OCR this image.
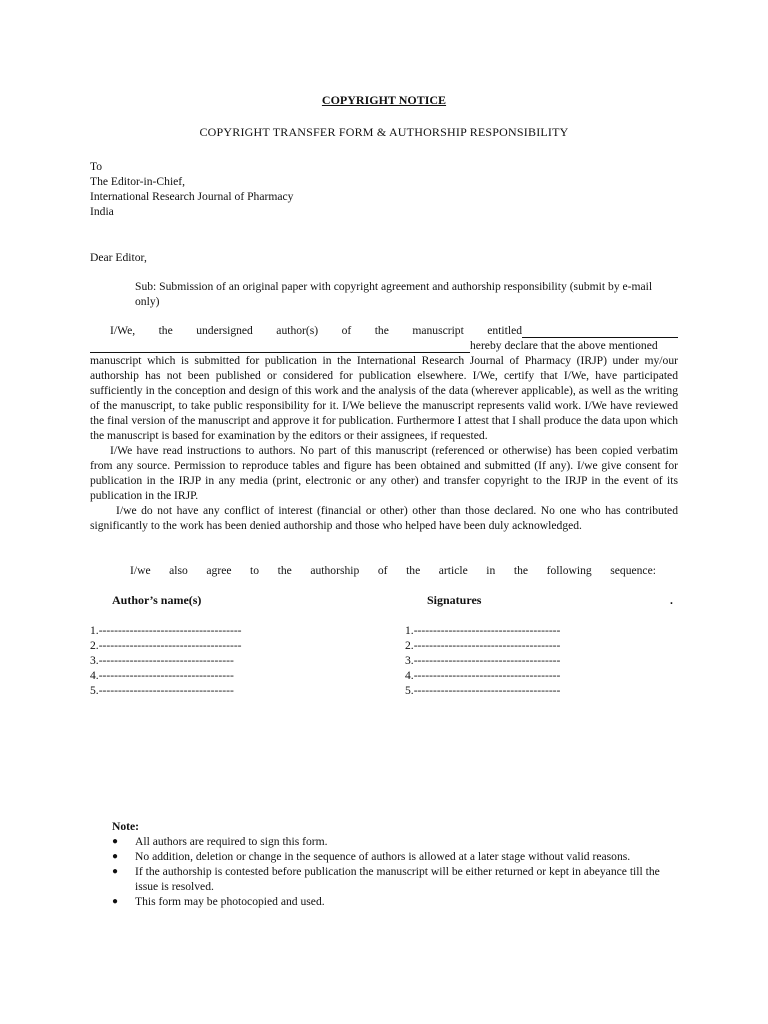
COPYRIGHT NOTICE
COPYRIGHT TRANSFER FORM & AUTHORSHIP RESPONSIBILITY
To
The Editor-in-Chief,
International Research Journal of Pharmacy
India
Dear Editor,
Sub: Submission of an original paper with copyright agreement and authorship responsibility (submit by e-mail only)
I/We, the undersigned author(s) of the manuscript entitled
hereby declare that the above mentioned

manuscript which is submitted for publication in the International Research Journal of Pharmacy (IRJP) under my/our authorship has not been published or considered for publication elsewhere. I/We, certify that I/We, have participated sufficiently in the conception and design of this work and the analysis of the data (wherever applicable), as well as the writing of the manuscript, to take public responsibility for it. I/We believe the manuscript represents valid work. I/We have reviewed the final version of the manuscript and approve it for publication. Furthermore I attest that I shall produce the data upon which the manuscript is based for examination by the editors or their assignees, if requested.

I/We have read instructions to authors. No part of this manuscript (referenced or otherwise) has been copied verbatim from any source. Permission to reproduce tables and figure has been obtained and submitted (If any). I/we give consent for publication in the IRJP in any media (print, electronic or any other) and transfer copyright to the IRJP in the event of its publication in the IRJP.

I/we do not have any conflict of interest (financial or other) other than those declared. No one who has contributed significantly to the work has been denied authorship and those who helped have been duly acknowledged.

I/we also agree to the authorship of the article in the following sequence:
Author’s name(s)	Signatures	.
1.-------------------------------------
2.-------------------------------------
3.-----------------------------------
4.-----------------------------------
5.-----------------------------------
1.--------------------------------------
2.--------------------------------------
3.--------------------------------------
4.--------------------------------------
5.--------------------------------------
Note:
● All authors are required to sign this form.
● No addition, deletion or change in the sequence of authors is allowed at a later stage without valid reasons.
● If the authorship is contested before publication the manuscript will be either returned or kept in abeyance till the issue is resolved.
● This form may be photocopied and used.
